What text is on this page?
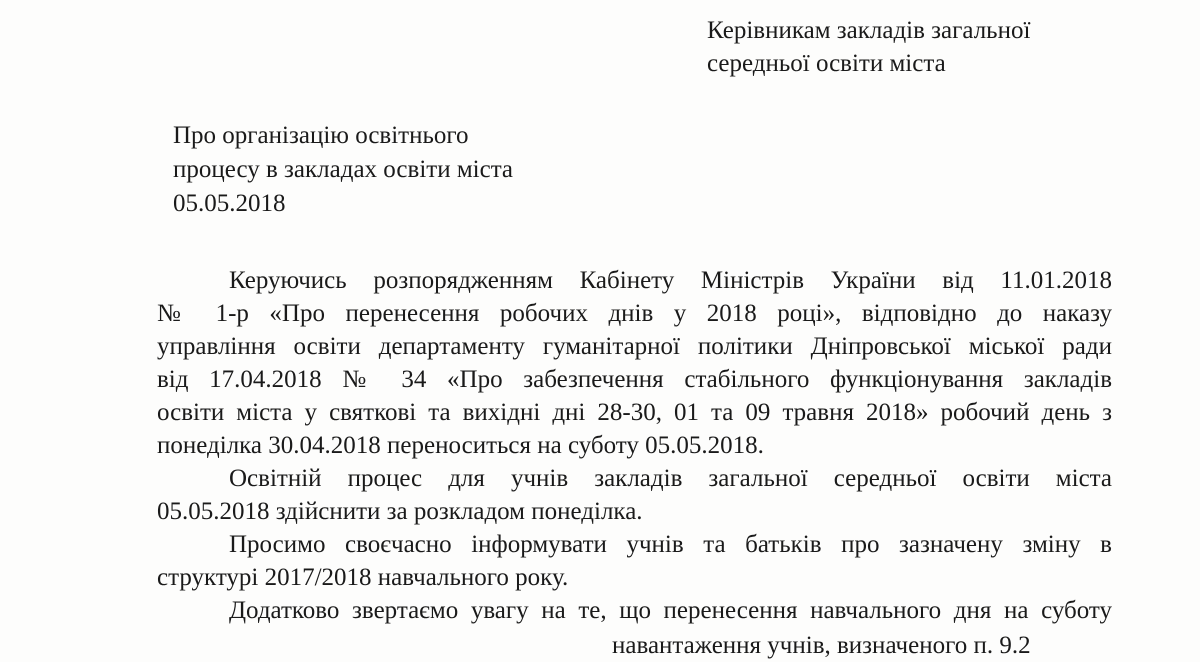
Керівникам закладів загальної
середньої освіти міста
Про організацію освітнього
процесу в закладах освіти міста
05.05.2018
Керуючись розпорядженням Кабінету Міністрів України від 11.01.2018
№ 1-р «Про перенесення робочих днів у 2018 році», відповідно до наказу
управління освіти департаменту гуманітарної політики Дніпровської міської ради
від 17.04.2018 № 34 «Про забезпечення стабільного функціонування закладів
освіти міста у святкові та вихідні дні 28-30, 01 та 09 травня 2018» робочий день з
понеділка 30.04.2018 переноситься на суботу 05.05.2018.
Освітній процес для учнів закладів загальної середньої освіти міста
05.05.2018 здійснити за розкладом понеділка.
Просимо своєчасно інформувати учнів та батьків про зазначену зміну в
структурі 2017/2018 навчального року.
Додатково звертаємо увагу на те, що перенесення навчального дня на суботу
навантаження учнів, визначеного п. 9.2
